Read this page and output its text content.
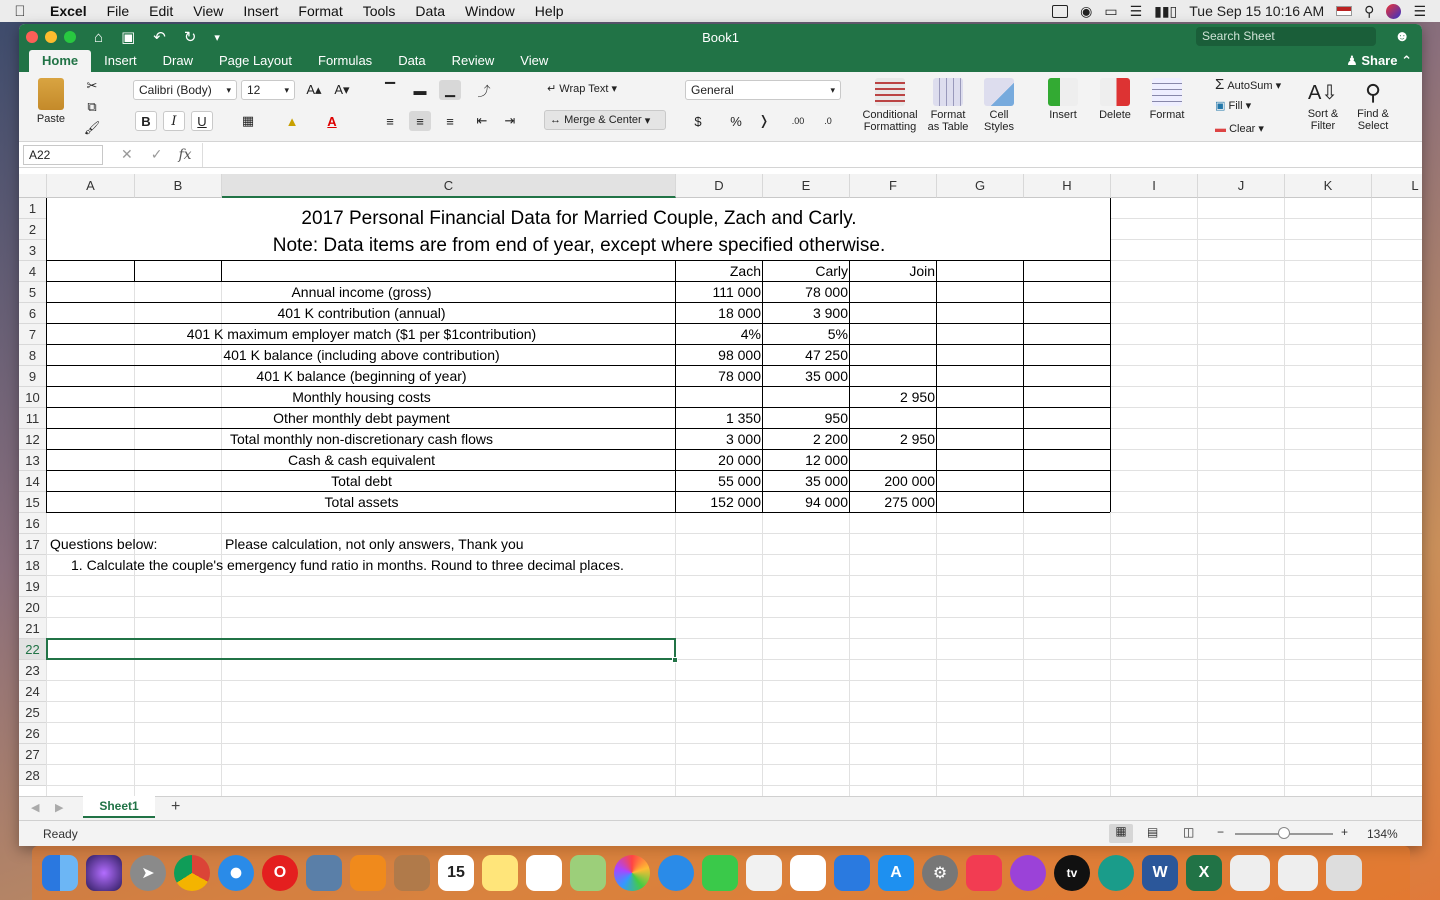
Excel	File	Edit	View	Insert	Format	Tools	Data	Window	Help	◉ ▭ ☰ ▮▮▯ Tue Sep 15 10:16 AM	⚲	☰
⌂ ▣ ↶ ↻ ▾	Book1
Search Sheet	☻
Home	Insert	Draw	Page Layout	Formulas	Data	Review	View	♟ Share ⌃
Paste
✂
⧉
🖌
Calibri (Body) ▾ 12	▾ A▴ A▾
B	I	U	▦	▲	A
▔	▬	▁	⤴
≡	≡	≡	⇤	⇥
↵ Wrap Text ▾
↔ Merge & Center ▾
General	▾
$	%	❭	.00	.0	Conditional
Formatting
Format
as Table
Cell
Styles
Insert	Delete	Format
Σ AutoSum ▾
▣ Fill ▾
▬ Clear ▾
A⇩
Sort &
Filter
⚲
Find &
Select
A22	✕ ✓ fx
A	B	C	D	E	F	G	H	I	J	K	L
1
2
3
4
5
6
7
8
9
10
11
12
13
14
15
16
17
18
19
20
21
22
23
24
25
26
27
28
2017 Personal Financial Data for Married Couple, Zach and Carly.
Note: Data items are from end of year, except where specified otherwise.
Zach	Carly	Join
Annual income (gross)	111 000	78 000
401 K contribution (annual)	18 000	3 900
401 K maximum employer match ($1 per $1contribution)	4%	5%
401 K balance (including above contribution)	98 000	47 250
401 K balance (beginning of year)	78 000	35 000
Monthly housing costs	2 950
Other monthly debt payment	1 350	950
Total monthly non-discretionary cash flows	3 000	2 200	2 950
Cash & cash equivalent	20 000	12 000
Total debt	55 000	35 000	200 000
Total assets	152 000	94 000	275 000
Questions below:	Please calculation, not only answers, Thank you
1. Calculate the couple's emergency fund ratio in months. Round to three decimal places.
◀ ▶	Sheet1	+
Ready	▦	▤ ◫ −	+ 134%
➤	O	15	A	⚙	tv	W	X
